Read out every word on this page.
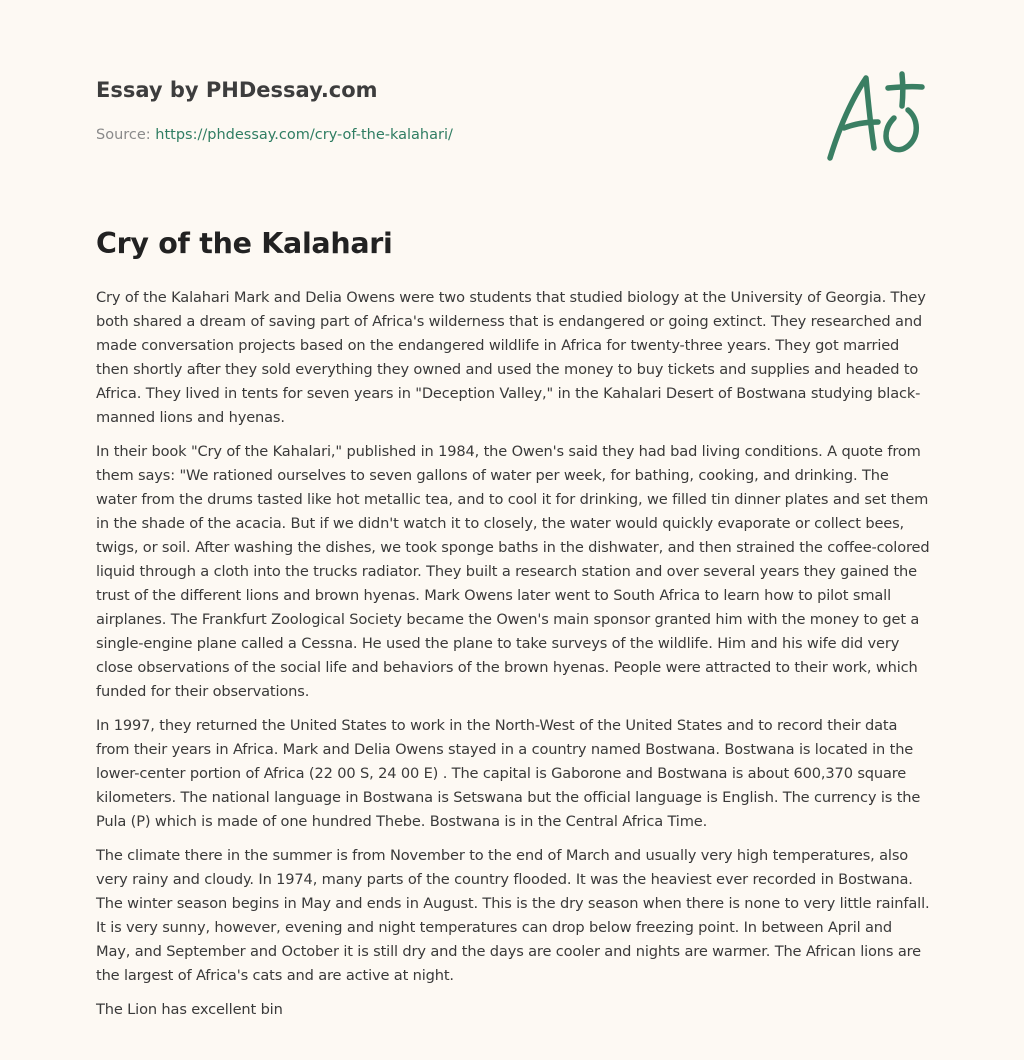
Essay by PHDessay.com
Source: https://phdessay.com/cry-of-the-kalahari/
Cry of the Kalahari

Cry of the Kalahari Mark and Delia Owens were two students that studied biology at the University of Georgia. They both shared a dream of saving part of Africa's wilderness that is endangered or going extinct. They researched and made conversation projects based on the endangered wildlife in Africa for twenty-three years. They got married then shortly after they sold everything they owned and used the money to buy tickets and supplies and headed to Africa. They lived in tents for seven years in "Deception Valley," in the Kahalari Desert of Bostwana studying black-manned lions and hyenas.

In their book "Cry of the Kahalari," published in 1984, the Owen's said they had bad living conditions. A quote from them says: "We rationed ourselves to seven gallons of water per week, for bathing, cooking, and drinking. The water from the drums tasted like hot metallic tea, and to cool it for drinking, we filled tin dinner plates and set them in the shade of the acacia. But if we didn't watch it to closely, the water would quickly evaporate or collect bees, twigs, or soil. After washing the dishes, we took sponge baths in the dishwater, and then strained the coffee-colored liquid through a cloth into the trucks radiator. They built a research station and over several years they gained the trust of the different lions and brown hyenas. Mark Owens later went to South Africa to learn how to pilot small airplanes. The Frankfurt Zoological Society became the Owen's main sponsor granted him with the money to get a single-engine plane called a Cessna. He used the plane to take surveys of the wildlife. Him and his wife did very close observations of the social life and behaviors of the brown hyenas. People were attracted to their work, which funded for their observations.

In 1997, they returned the United States to work in the North-West of the United States and to record their data from their years in Africa. Mark and Delia Owens stayed in a country named Bostwana. Bostwana is located in the lower-center portion of Africa (22 00 S, 24 00 E) . The capital is Gaborone and Bostwana is about 600,370 square kilometers. The national language in Bostwana is Setswana but the official language is English. The currency is the Pula (P) which is made of one hundred Thebe. Bostwana is in the Central Africa Time.

The climate there in the summer is from November to the end of March and usually very high temperatures, also very rainy and cloudy. In 1974, many parts of the country flooded. It was the heaviest ever recorded in Bostwana. The winter season begins in May and ends in August. This is the dry season when there is none to very little rainfall. It is very sunny, however, evening and night temperatures can drop below freezing point. In between April and May, and September and October it is still dry and the days are cooler and nights are warmer. The African lions are the largest of Africa's cats and are active at night.

The Lion has excellent bin
